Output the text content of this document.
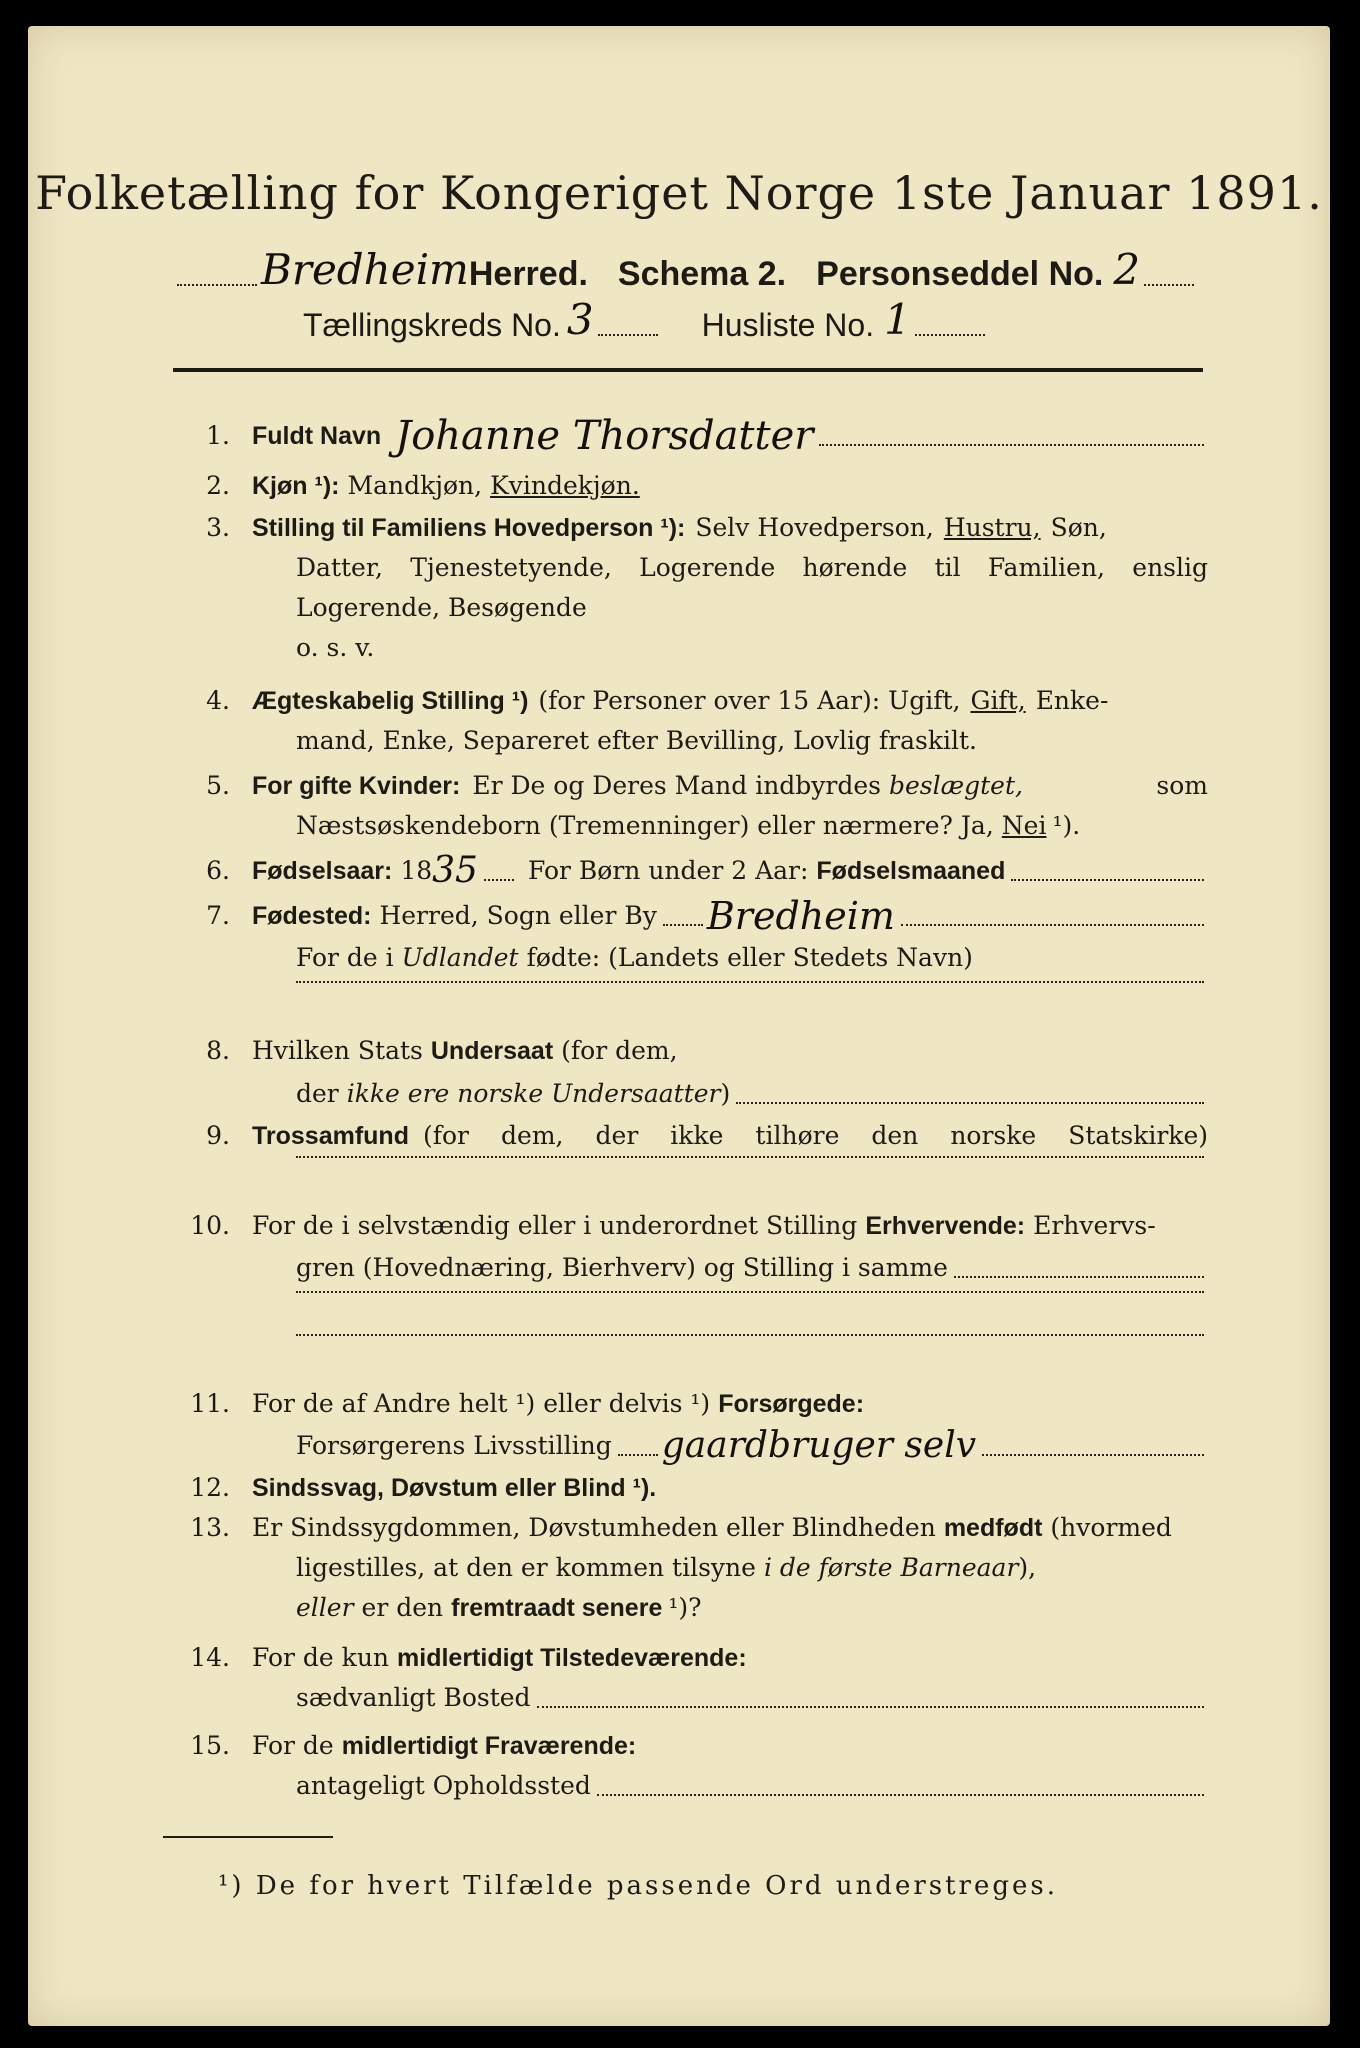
Folketælling for Kongeriget Norge 1ste Januar 1891.
Bredheim Herred. Schema 2. Personseddel No. 2
Tællingskreds No. 3	Husliste No. 1
1. Fuldt Navn Johanne Thorsdatter
2. Kjøn ¹): Mandkjøn, Kvindekjøn.
3. Stilling til Familiens Hovedperson ¹): Selv Hovedperson, Hustru, Søn,
Datter, Tjenestetyende, Logerende hørende til Familien, enslig
Logerende, Besøgende
o. s. v.
4. Ægteskabelig Stilling ¹) (for Personer over 15 Aar): Ugift, Gift, Enke-
mand, Enke, Separeret efter Bevilling, Lovlig fraskilt.
5. For gifte Kvinder: Er De og Deres Mand indbyrdes beslægtet,	som
Næstsøskendeborn (Tremenninger) eller nærmere? Ja, Nei ¹).
6. Fødselsaar: 18 35 For Børn under 2 Aar: Fødselsmaaned
7. Fødested: Herred, Sogn eller By Bredheim
For de i Udlandet fødte: (Landets eller Stedets Navn)
8. Hvilken Stats Undersaat (for dem,
der ikke ere norske Undersaatter )
9. Trossamfund (for dem, der ikke tilhøre den norske Statskirke)
10. For de i selvstændig eller i underordnet Stilling Erhvervende: Erhvervs-
gren (Hovednæring, Bierhverv) og Stilling i samme
11. For de af Andre helt ¹) eller delvis ¹) Forsørgede:
Forsørgerens Livsstilling gaardbruger selv
12. Sindssvag, Døvstum eller Blind ¹).
13. Er Sindssygdommen, Døvstumheden eller Blindheden medfødt (hvormed
ligestilles, at den er kommen tilsyne i de første Barneaar ),
eller er den fremtraadt senere ¹)?
14. For de kun midlertidigt Tilstedeværende:
sædvanligt Bosted
15. For de midlertidigt Fraværende:
antageligt Opholdssted
¹) De for hvert Tilfælde passende Ord understreges.
